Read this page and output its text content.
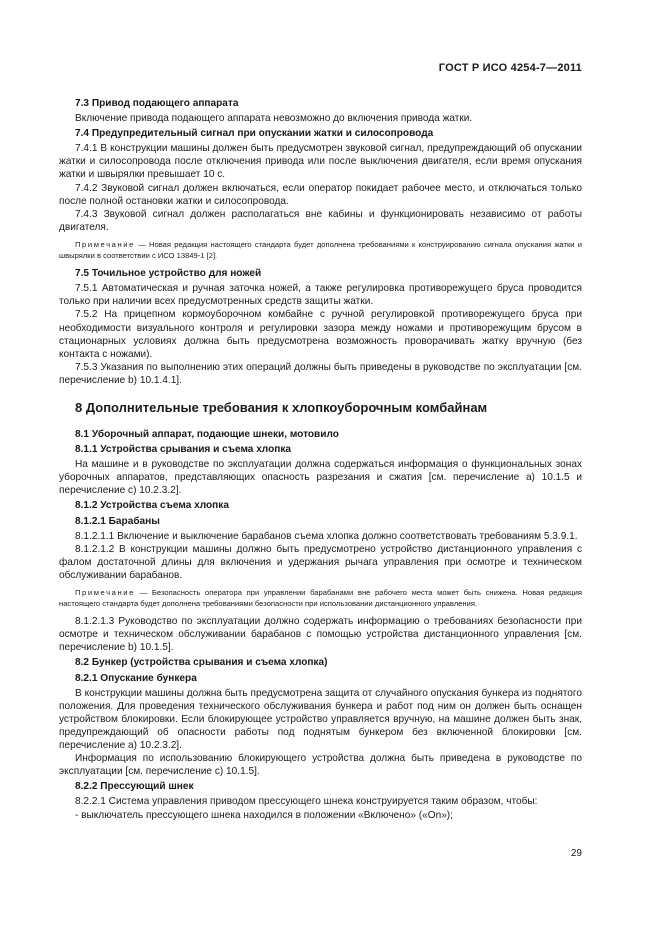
ГОСТ Р ИСО 4254-7—2011

7.3 Привод подающего аппарата

Включение привода подающего аппарата невозможно до включения привода жатки.

7.4 Предупредительный сигнал при опускании жатки и силосопровода

7.4.1 В конструкции машины должен быть предусмотрен звуковой сигнал, предупреждающий об опускании жатки и силосопровода после отключения привода или после выключения двигателя, если время опускания жатки и швырялки превышает 10 с.

7.4.2 Звуковой сигнал должен включаться, если оператор покидает рабочее место, и отключаться только после полной остановки жатки и силосопровода.

7.4.3 Звуковой сигнал должен располагаться вне кабины и функционировать независимо от работы двигателя.

Примечание — Новая редакция настоящего стандарта будет дополнена требованиями к конструированию сигнала опускания жатки и швырялки в соответствии с ИСО 13849-1 [2].

7.5 Точильное устройство для ножей

7.5.1 Автоматическая и ручная заточка ножей, а также регулировка противорежущего бруса проводится только при наличии всех предусмотренных средств защиты жатки.

7.5.2 На прицепном кормоуборочном комбайне с ручной регулировкой противорежущего бруса при необходимости визуального контроля и регулировки зазора между ножами и противорежущим брусом в стационарных условиях должна быть предусмотрена возможность проворачивать жатку вручную (без контакта с ножами).

7.5.3 Указания по выполнению этих операций должны быть приведены в руководстве по эксплуатации [см. перечисление b) 10.1.4.1].

8 Дополнительные требования к хлопкоуборочным комбайнам

8.1 Уборочный аппарат, подающие шнеки, мотовило

8.1.1 Устройства срывания и съема хлопка

На машине и в руководстве по эксплуатации должна содержаться информация о функциональных зонах уборочных аппаратов, представляющих опасность разрезания и сжатия [см. перечисление а) 10.1.5 и перечисление с) 10.2.3.2].

8.1.2 Устройства съема хлопка

8.1.2.1 Барабаны

8.1.2.1.1 Включение и выключение барабанов съема хлопка должно соответствовать требованиям 5.3.9.1.

8.1.2.1.2 В конструкции машины должно быть предусмотрено устройство дистанционного управления с фалом достаточной длины для включения и удержания рычага управления при осмотре и техническом обслуживании барабанов.

Примечание — Безопасность оператора при управлении барабанами вне рабочего места может быть снижена. Новая редакция настоящего стандарта будет дополнена требованиями безопасности при использовании дистанционного управления.

8.1.2.1.3 Руководство по эксплуатации должно содержать информацию о требованиях безопасности при осмотре и техническом обслуживании барабанов с помощью устройства дистанционного управления [см. перечисление b) 10.1.5].

8.2 Бункер (устройства срывания и съема хлопка)

8.2.1 Опускание бункера

В конструкции машины должна быть предусмотрена защита от случайного опускания бункера из поднятого положения. Для проведения технического обслуживания бункера и работ под ним он должен быть оснащен устройством блокировки. Если блокирующее устройство управляется вручную, на машине должен быть знак, предупреждающий об опасности работы под поднятым бункером без включенной блокировки [см. перечисление а) 10.2.3.2].

Информация по использованию блокирующего устройства должна быть приведена в руководстве по эксплуатации [см. перечисление с) 10.1.5].

8.2.2 Прессующий шнек

8.2.2.1 Система управления приводом прессующего шнека конструируется таким образом, чтобы:

- выключатель прессующего шнека находился в положении «Включено» («On»);

29
